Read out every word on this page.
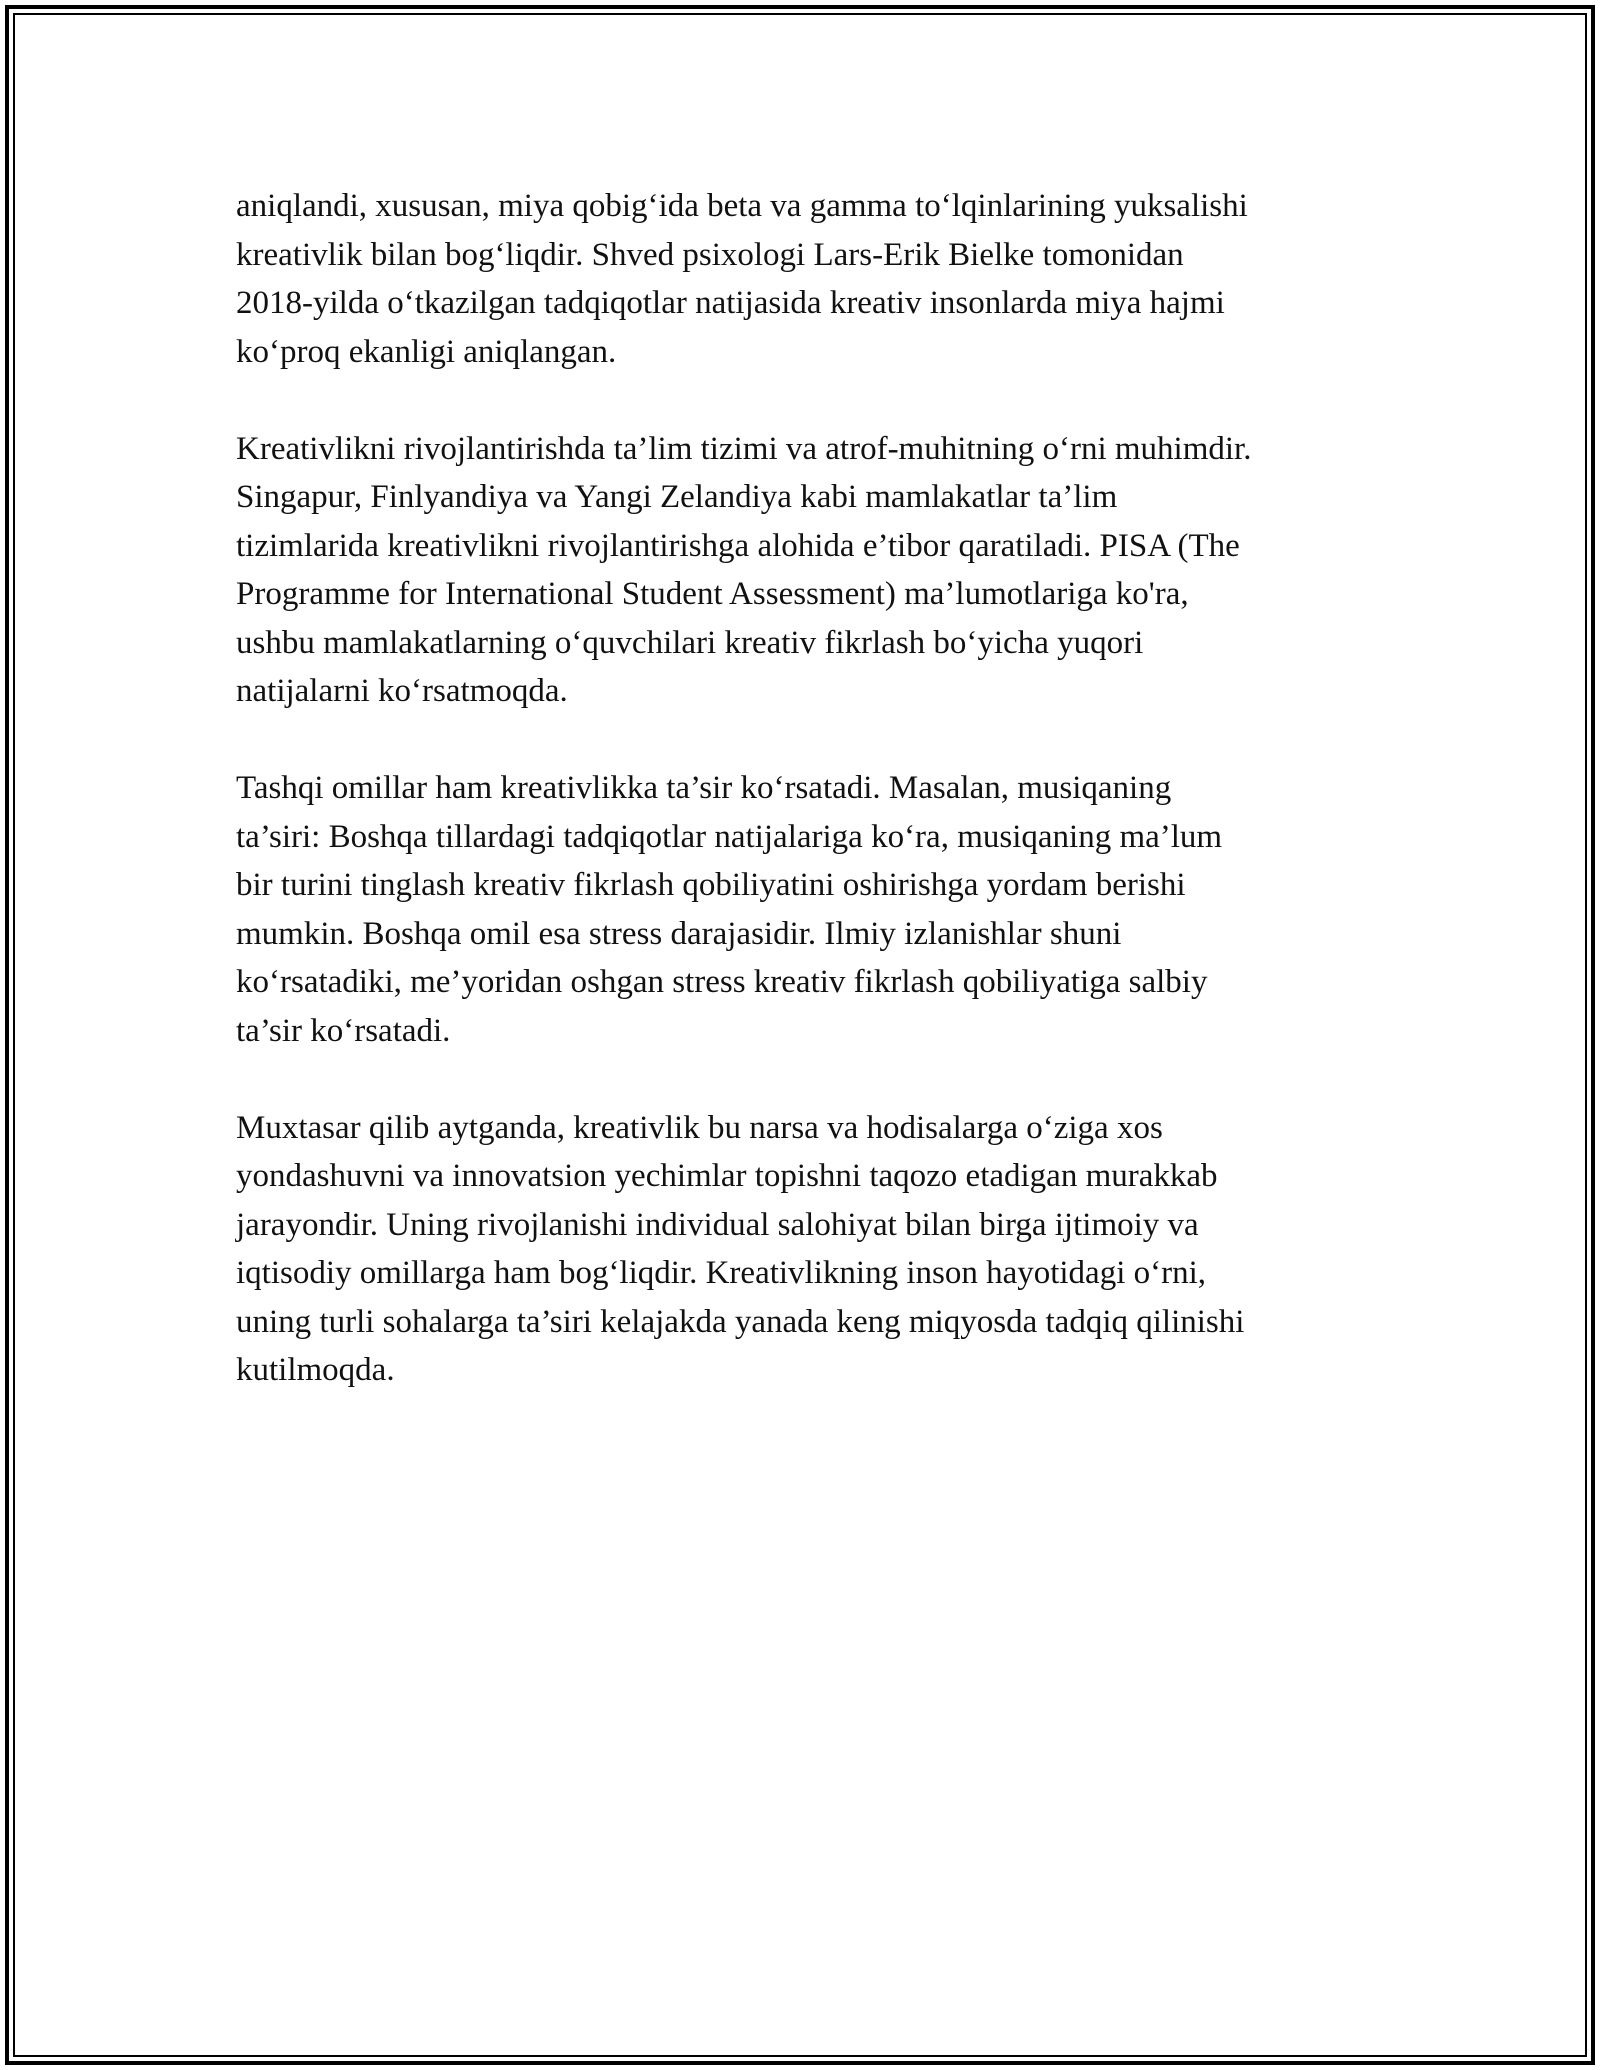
aniqlandi, xususan, miya qobig‘ida beta va gamma to‘lqinlarining yuksalishi
kreativlik bilan bog‘liqdir. Shved psixologi Lars-Erik Bielke tomonidan
2018-yilda o‘tkazilgan tadqiqotlar natijasida kreativ insonlarda miya hajmi
ko‘proq ekanligi aniqlangan.

Kreativlikni rivojlantirishda ta’lim tizimi va atrof-muhitning o‘rni muhimdir.
Singapur, Finlyandiya va Yangi Zelandiya kabi mamlakatlar ta’lim
tizimlarida kreativlikni rivojlantirishga alohida e’tibor qaratiladi. PISA (The
Programme for International Student Assessment) ma’lumotlariga ko'ra,
ushbu mamlakatlarning o‘quvchilari kreativ fikrlash bo‘yicha yuqori
natijalarni ko‘rsatmoqda.

Tashqi omillar ham kreativlikka ta’sir ko‘rsatadi. Masalan, musiqaning
ta’siri: Boshqa tillardagi tadqiqotlar natijalariga ko‘ra, musiqaning ma’lum
bir turini tinglash kreativ fikrlash qobiliyatini oshirishga yordam berishi
mumkin. Boshqa omil esa stress darajasidir. Ilmiy izlanishlar shuni
ko‘rsatadiki, me’yoridan oshgan stress kreativ fikrlash qobiliyatiga salbiy
ta’sir ko‘rsatadi.

Muxtasar qilib aytganda, kreativlik bu narsa va hodisalarga o‘ziga xos
yondashuvni va innovatsion yechimlar topishni taqozo etadigan murakkab
jarayondir. Uning rivojlanishi individual salohiyat bilan birga ijtimoiy va
iqtisodiy omillarga ham bog‘liqdir. Kreativlikning inson hayotidagi o‘rni,
uning turli sohalarga ta’siri kelajakda yanada keng miqyosda tadqiq qilinishi
kutilmoqda.
